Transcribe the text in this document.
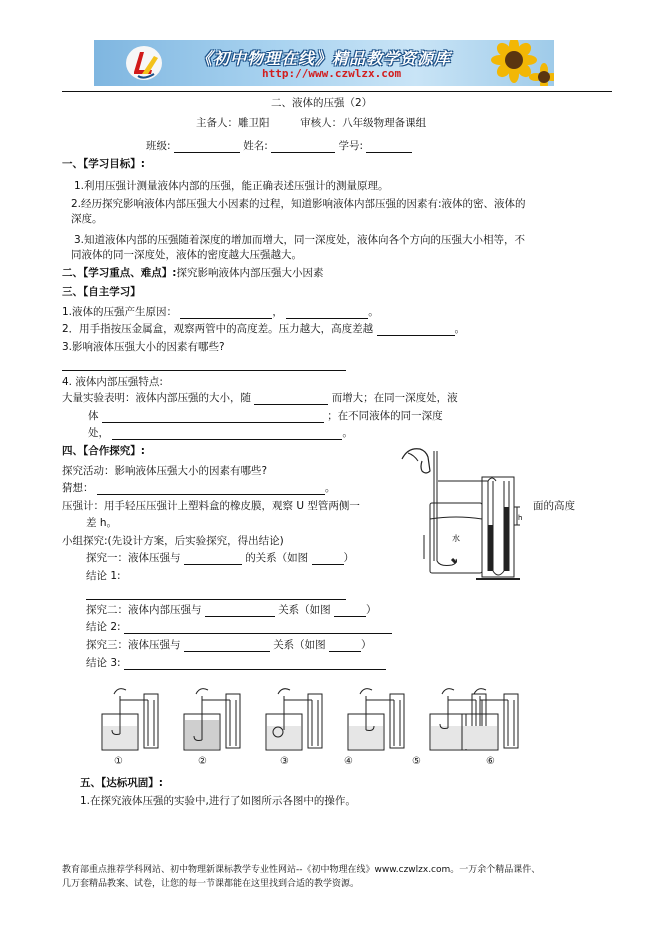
《初中物理在线》精品教学资源库
http://www.czwlzx.com
二、液体的压强（2）
主备人：雕卫阳	审核人：八年级物理备课组
班级:	姓名:	学号:
一、【学习目标】:
1.利用压强计测量液体内部的压强，能正确表述压强计的测量原理。
2.经历探究影响液体内部压强大小因素的过程，知道影响液体内部压强的因素有:液体的密、液体的
深度。
3.知道液体内部的压强随着深度的增加而增大，同一深度处，液体向各个方向的压强大小相等，不
同液体的同一深度处，液体的密度越大压强越大。
二、【学习重点、难点】:探究影响液体内部压强大小因素
三、【自主学习】
1.液体的压强产生原因：	，	。
2．用手指按压金属盒，观察两管中的高度差。压力越大，高度差越	。
3.影响液体压强大小的因素有哪些?
4. 液体内部压强特点:
大量实验表明：液体内部压强的大小，随	而增大；在同一深度处，液
体	；在不同液体的同一深度
处，	。
四、【合作探究】:
探究活动：影响液体压强大小的因素有哪些?
猜想：	。
压强计：用手轻压压强计上塑料盒的橡皮膜，观察 U 型管两侧一	面的高度
差 h。
小组探究:(先设计方案，后实验探究，得出结论)
探究一：液体压强与	的关系（如图	）
结论 1:
探究二：液体内部压强与	关系（如图	）
结论 2:
探究三：液体压强与	关系（如图	）
结论 3:
水
h
①	②	③	④	⑤	⑥
五、【达标巩固】:
1.在探究液体压强的实验中,进行了如图所示各图中的操作。
教育部重点推荐学科网站、初中物理新课标教学专业性网站--《初中物理在线》www.czwlzx.com。一万余个精品课件、
几万套精品教案、试卷，让您的每一节课都能在这里找到合适的教学资源。
